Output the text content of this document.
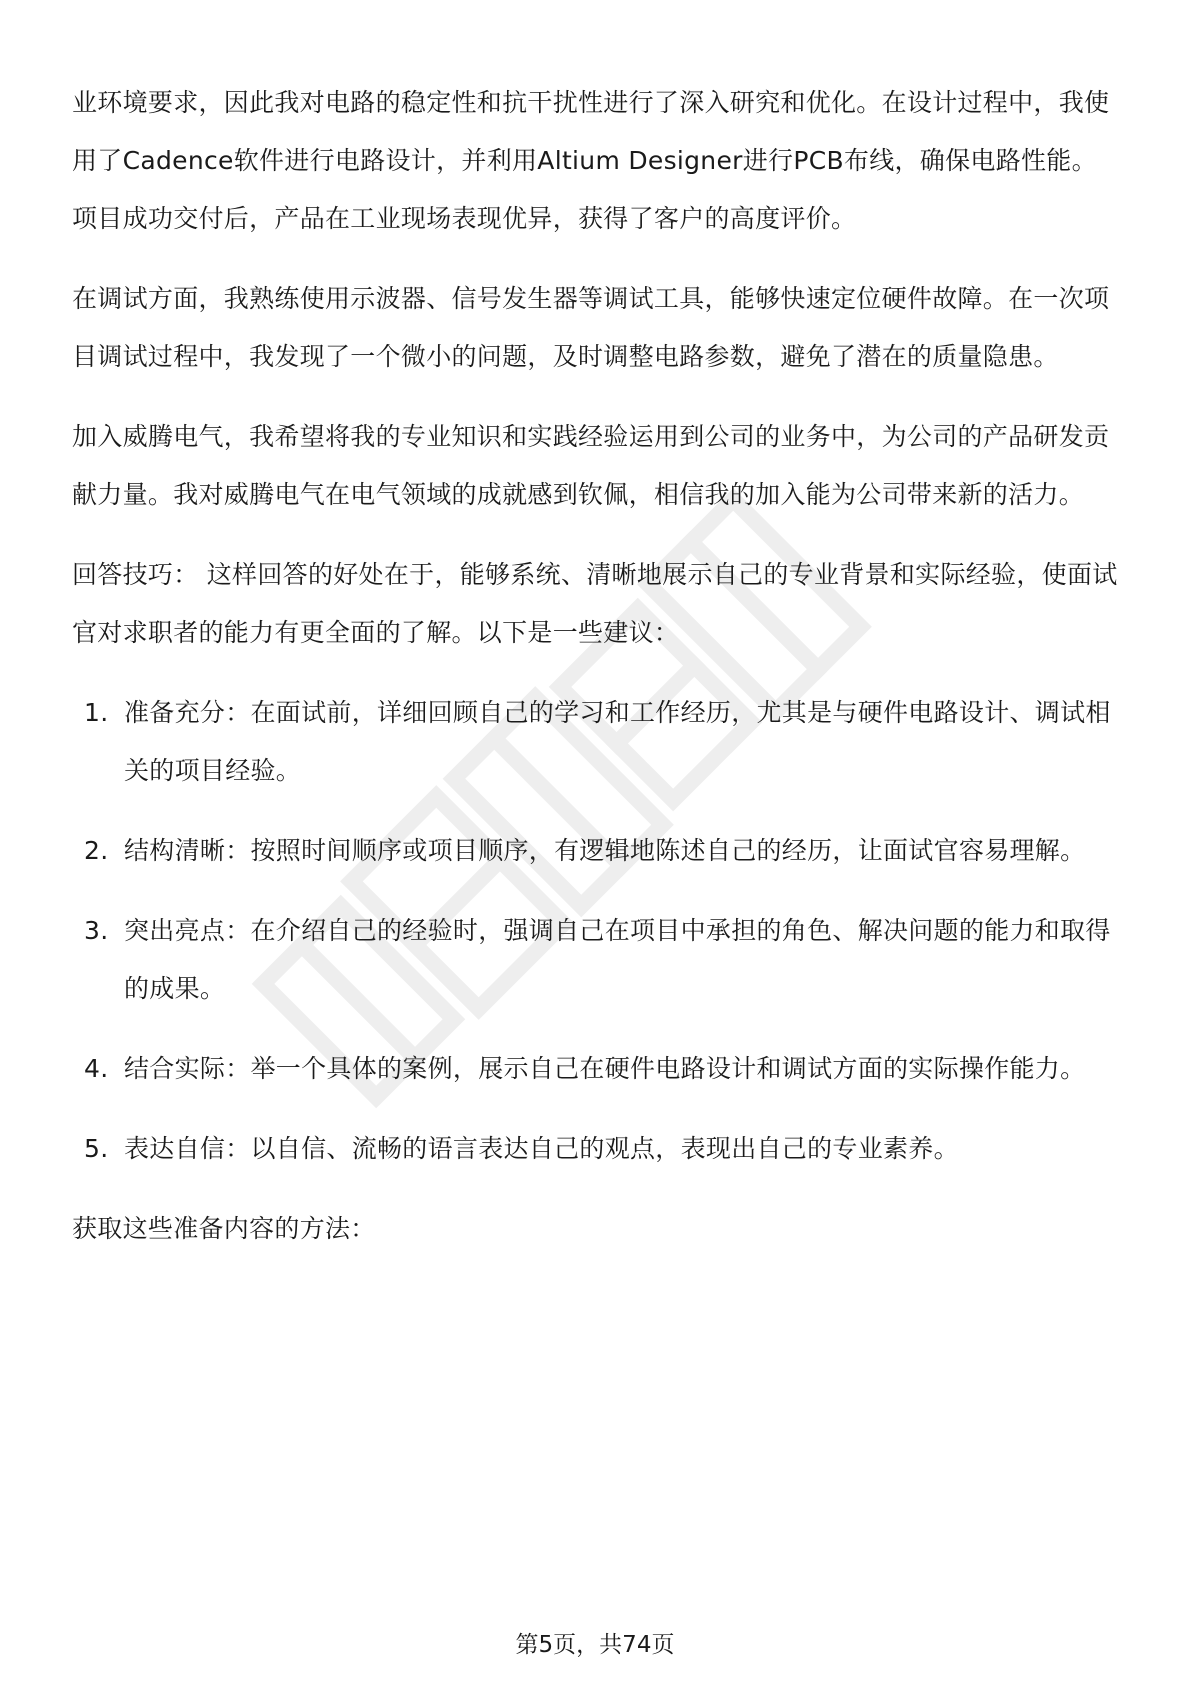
业环境要求，因此我对电路的稳定性和抗干扰性进行了深入研究和优化。在设计过程中，我使用了Cadence软件进行电路设计，并利用Altium Designer进行PCB布线，确保电路性能。项目成功交付后，产品在工业现场表现优异，获得了客户的高度评价。

在调试方面，我熟练使用示波器、信号发生器等调试工具，能够快速定位硬件故障。在一次项目调试过程中，我发现了一个微小的问题，及时调整电路参数，避免了潜在的质量隐患。

加入威腾电气，我希望将我的专业知识和实践经验运用到公司的业务中，为公司的产品研发贡献力量。我对威腾电气在电气领域的成就感到钦佩，相信我的加入能为公司带来新的活力。

回答技巧： 这样回答的好处在于，能够系统、清晰地展示自己的专业背景和实际经验，使面试官对求职者的能力有更全面的了解。以下是一些建议：

1. 准备充分：在面试前，详细回顾自己的学习和工作经历，尤其是与硬件电路设计、调试相关的项目经验。
2. 结构清晰：按照时间顺序或项目顺序，有逻辑地陈述自己的经历，让面试官容易理解。
3. 突出亮点：在介绍自己的经验时，强调自己在项目中承担的角色、解决问题的能力和取得的成果。
4. 结合实际：举一个具体的案例，展示自己在硬件电路设计和调试方面的实际操作能力。
5. 表达自信：以自信、流畅的语言表达自己的观点，表现出自己的专业素养。

获取这些准备内容的方法：

第5页，共74页
